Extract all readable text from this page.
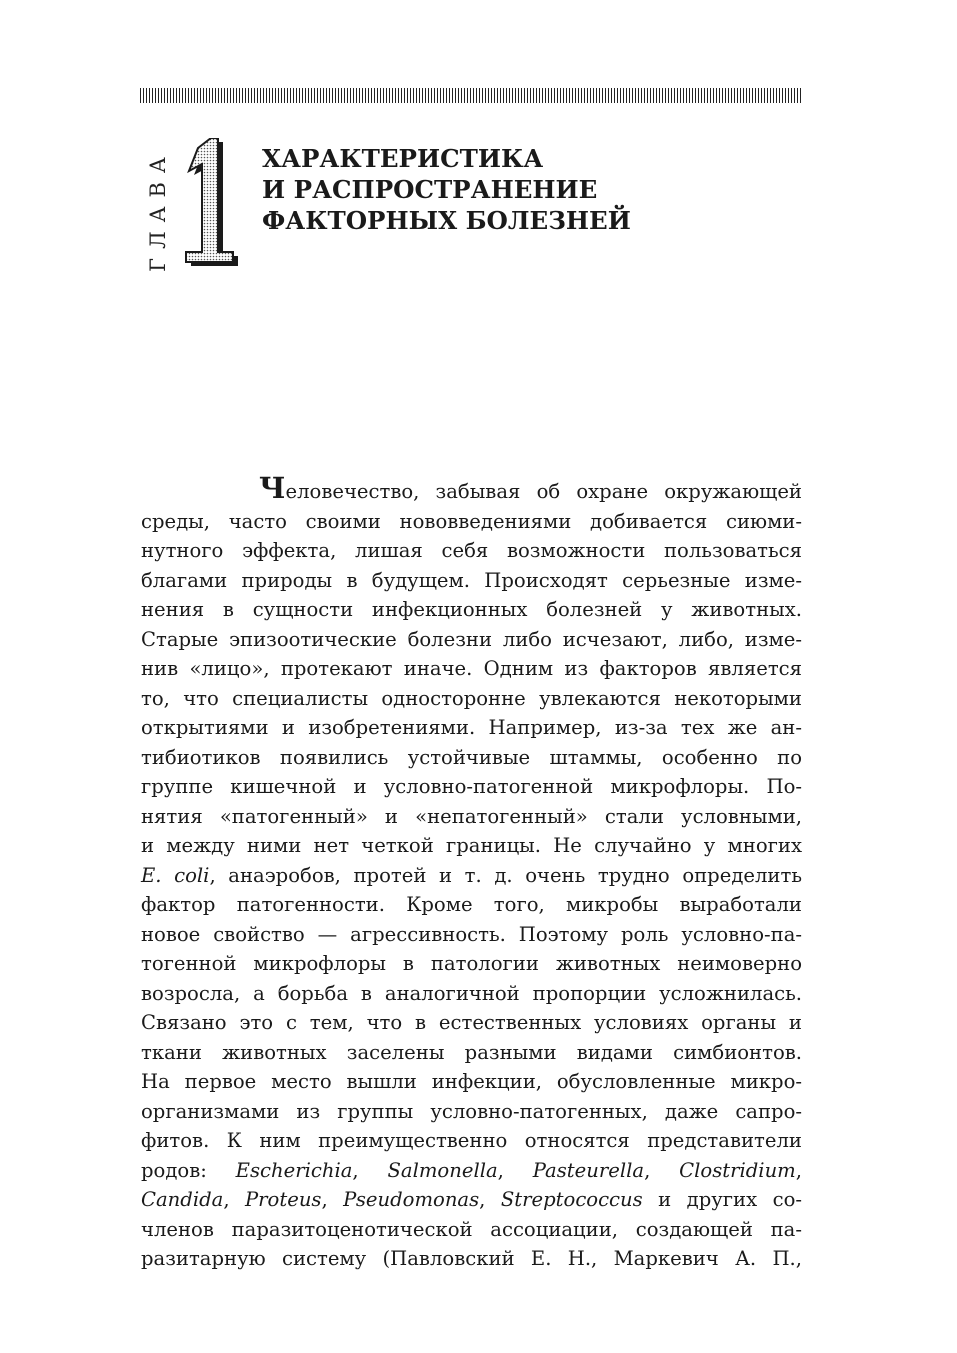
ГЛАВА
1
ХАРАКТЕРИСТИКА
И РАСПРОСТРАНЕНИЕ
ФАКТОРНЫХ БОЛЕЗНЕЙ
Человечество, забывая об охране окружающей
среды, часто своими нововведениями добивается сиюми-
нутного эффекта, лишая себя возможности пользоваться
благами природы в будущем. Происходят серьезные изме-
нения в сущности инфекционных болезней у животных.
Старые эпизоотические болезни либо исчезают, либо, изме-
нив «лицо», протекают иначе. Одним из факторов является
то, что специалисты односторонне увлекаются некоторыми
открытиями и изобретениями. Например, из-за тех же ан-
тибиотиков появились устойчивые штаммы, особенно по
группе кишечной и условно-патогенной микрофлоры. По-
нятия «патогенный» и «непатогенный» стали условными,
и между ними нет четкой границы. Не случайно у многих
E. coli, анаэробов, протей и т. д. очень трудно определить
фактор патогенности. Кроме того, микробы выработали
новое свойство — агрессивность. Поэтому роль условно-па-
тогенной микрофлоры в патологии животных неимоверно
возросла, а борьба в аналогичной пропорции усложнилась.
Связано это с тем, что в естественных условиях органы и
ткани животных заселены разными видами симбионтов.
На первое место вышли инфекции, обусловленные микро-
организмами из группы условно-патогенных, даже сапро-
фитов. К ним преимущественно относятся представители
родов: Escherichia, Salmonella, Pasteurella, Clostridium,
Candida, Proteus, Pseudomonas, Streptococcus и других со-
членов паразитоценотической ассоциации, создающей па-
разитарную систему (Павловский Е. Н., Маркевич А. П.,
